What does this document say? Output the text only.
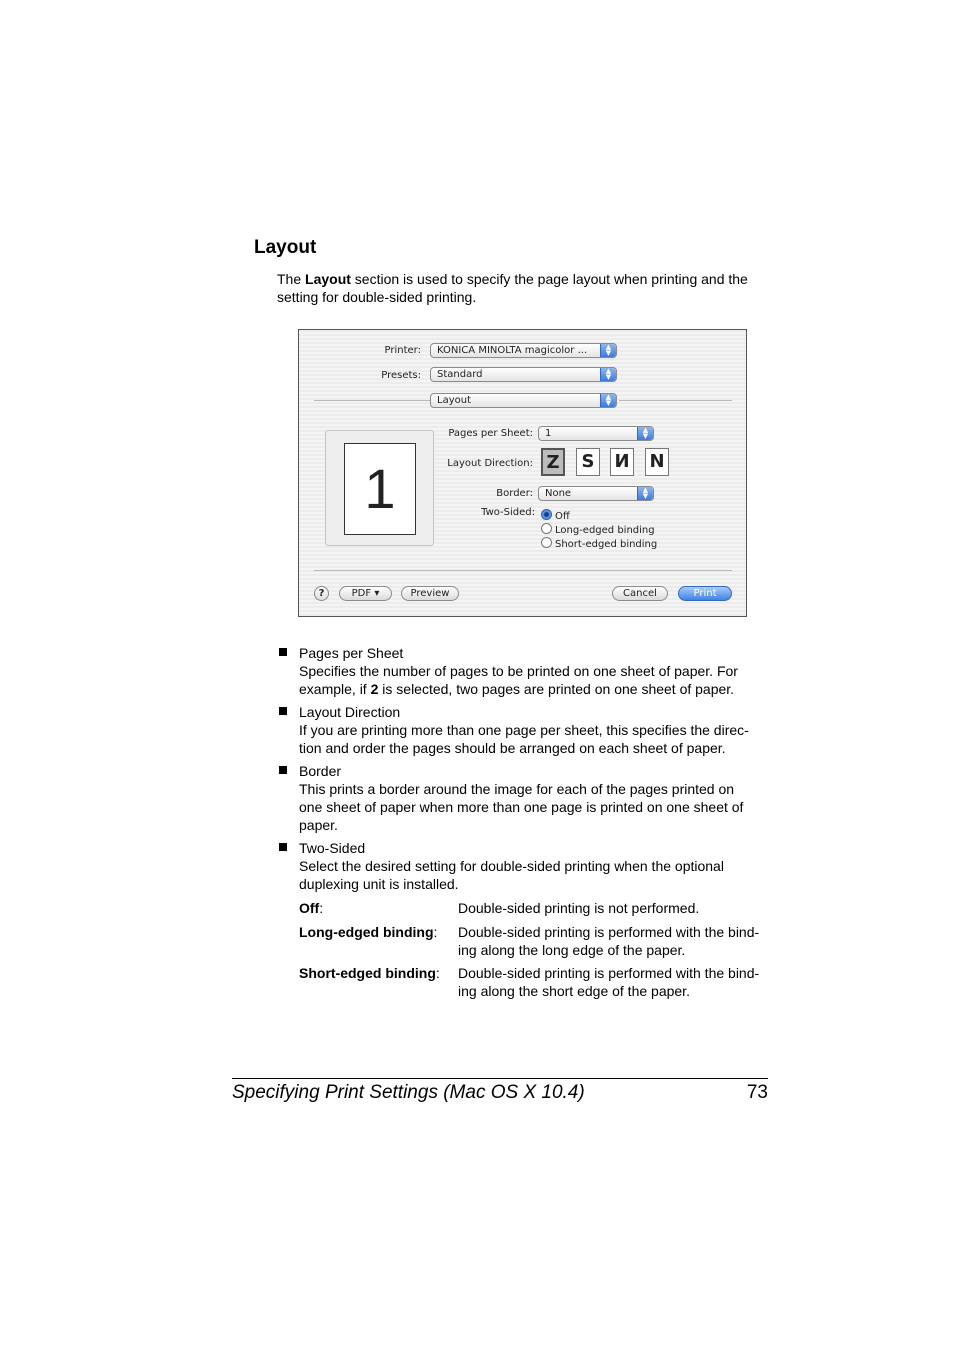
Layout

The Layout section is used to specify the page layout when printing and the
setting for double-sided printing.

Printer:	KONICA MINOLTA magicolor ...	▲
▼
Presets:	Standard	▲
▼
Layout	▲
▼
1
Pages per Sheet:	1	▲
▼
Layout Direction: Z	S	И N
Border:	None	▲
▼
Two-Sided:	Off
Long-edged binding
Short-edged binding
?	PDF ▾	Preview	Cancel	Print
Pages per Sheet

Specifies the number of pages to be printed on one sheet of paper. For
example, if 2 is selected, two pages are printed on one sheet of paper.

Layout Direction

If you are printing more than one page per sheet, this specifies the direc-
tion and order the pages should be arranged on each sheet of paper.

Border

This prints a border around the image for each of the pages printed on
one sheet of paper when more than one page is printed on one sheet of
paper.

Two-Sided

Select the desired setting for double-sided printing when the optional
duplexing unit is installed.

Off:	Double-sided printing is not performed.
Long-edged binding: Double-sided printing is performed with the bind-
ing along the long edge of the paper.
Short-edged binding: Double-sided printing is performed with the bind-
ing along the short edge of the paper.
Specifying Print Settings (Mac OS X 10.4)	73
